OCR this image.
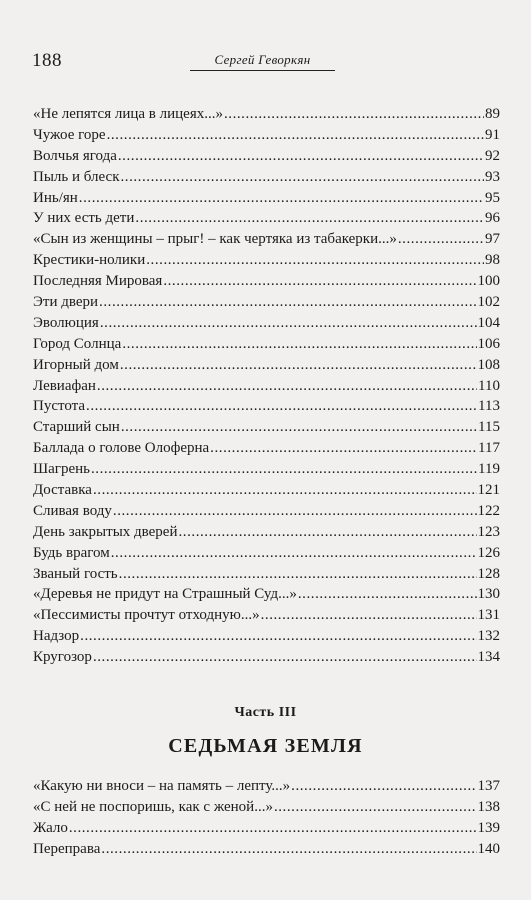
188	Сергей Геворкян
«Не лепятся лица в лицеях...» . . .	89
Чужое горе . . .	91
Волчья ягода . . .	92
Пыль и блеск . . .	93
Инь/ян . . .	95
У них есть дети . . .	96
«Сын из женщины – прыг! – как чертяка из табакерки...» . . .	97
Крестики-нолики . . .	98
Последняя Мировая . . .	100
Эти двери . . .	102
Эволюция . . .	104
Город Солнца . . .	106
Игорный дом . . .	108
Левиафан . . .	110
Пустота . . .	113
Старший сын . . .	115
Баллада о голове Олоферна . . .	117
Шагрень . . .	119
Доставка . . .	121
Сливая воду . . .	122
День закрытых дверей . . .	123
Будь врагом . . .	126
Званый гость . . .	128
«Деревья не придут на Страшный Суд...» . . .	130
«Пессимисты прочтут отходную...» . . .	131
Надзор . . .	132
Кругозор . . .	134
Часть III
СЕДЬМАЯ ЗЕМЛЯ
«Какую ни вноси – на память – лепту...» . . .	137
«С ней не поспоришь, как с женой...» . . .	138
Жало . . .	139
Переправа . . .	140
